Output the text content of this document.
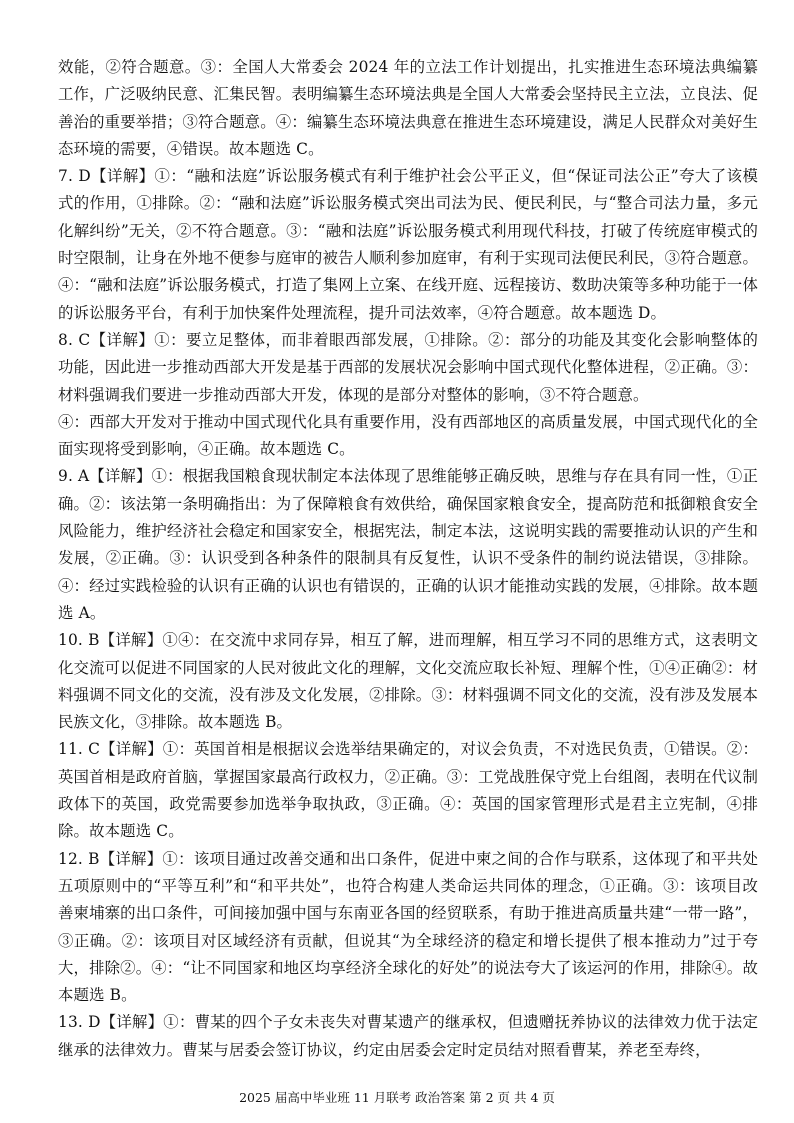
效能，②符合题意。③：全国人大常委会 2024 年的立法工作计划提出，扎实推进生态环境法典编纂工作，广泛吸纳民意、汇集民智。表明编纂生态环境法典是全国人大常委会坚持民主立法，立良法、促善治的重要举措；③符合题意。④：编纂生态环境法典意在推进生态环境建设，满足人民群众对美好生态环境的需要，④错误。故本题选 C。

7. D【详解】①：“融和法庭”诉讼服务模式有利于维护社会公平正义，但“保证司法公正”夸大了该模式的作用，①排除。②：“融和法庭”诉讼服务模式突出司法为民、便民利民，与“整合司法力量，多元化解纠纷”无关，②不符合题意。③：“融和法庭”诉讼服务模式利用现代科技，打破了传统庭审模式的时空限制，让身在外地不便参与庭审的被告人顺利参加庭审，有利于实现司法便民利民，③符合题意。④：“融和法庭”诉讼服务模式，打造了集网上立案、在线开庭、远程接访、数助决策等多种功能于一体的诉讼服务平台，有利于加快案件处理流程，提升司法效率，④符合题意。故本题选 D。

8. C【详解】①：要立足整体，而非着眼西部发展，①排除。②：部分的功能及其变化会影响整体的功能，因此进一步推动西部大开发是基于西部的发展状况会影响中国式现代化整体进程，②正确。③：材料强调我们要进一步推动西部大开发，体现的是部分对整体的影响，③不符合题意。

④：西部大开发对于推动中国式现代化具有重要作用，没有西部地区的高质量发展，中国式现代化的全面实现将受到影响，④正确。故本题选 C。

9. A【详解】①：根据我国粮食现状制定本法体现了思维能够正确反映，思维与存在具有同一性，①正确。②：该法第一条明确指出：为了保障粮食有效供给，确保国家粮食安全，提高防范和抵御粮食安全风险能力，维护经济社会稳定和国家安全，根据宪法，制定本法，这说明实践的需要推动认识的产生和发展，②正确。③：认识受到各种条件的限制具有反复性，认识不受条件的制约说法错误，③排除。④：经过实践检验的认识有正确的认识也有错误的，正确的认识才能推动实践的发展，④排除。故本题选 A。

10. B【详解】①④：在交流中求同存异，相互了解，进而理解，相互学习不同的思维方式，这表明文化交流可以促进不同国家的人民对彼此文化的理解，文化交流应取长补短、理解个性，①④正确②：材料强调不同文化的交流，没有涉及文化发展，②排除。③：材料强调不同文化的交流，没有涉及发展本民族文化，③排除。故本题选 B。

11. C【详解】①：英国首相是根据议会选举结果确定的，对议会负责，不对选民负责，①错误。②：英国首相是政府首脑，掌握国家最高行政权力，②正确。③：工党战胜保守党上台组阁，表明在代议制政体下的英国，政党需要参加选举争取执政，③正确。④：英国的国家管理形式是君主立宪制，④排除。故本题选 C。

12. B【详解】①：该项目通过改善交通和出口条件，促进中柬之间的合作与联系，这体现了和平共处五项原则中的“平等互利”和“和平共处”，也符合构建人类命运共同体的理念，①正确。③：该项目改善柬埔寨的出口条件，可间接加强中国与东南亚各国的经贸联系，有助于推进高质量共建“一带一路”，③正确。②：该项目对区域经济有贡献，但说其“为全球经济的稳定和增长提供了根本推动力”过于夸大，排除②。④：“让不同国家和地区均享经济全球化的好处”的说法夸大了该运河的作用，排除④。故本题选 B。

13. D【详解】①：曹某的四个子女未丧失对曹某遗产的继承权，但遗赠抚养协议的法律效力优于法定继承的法律效力。曹某与居委会签订协议，约定由居委会定时定员结对照看曹某，养老至寿终，

2025 届高中毕业班 11 月联考 政治答案 第 2 页 共 4 页
